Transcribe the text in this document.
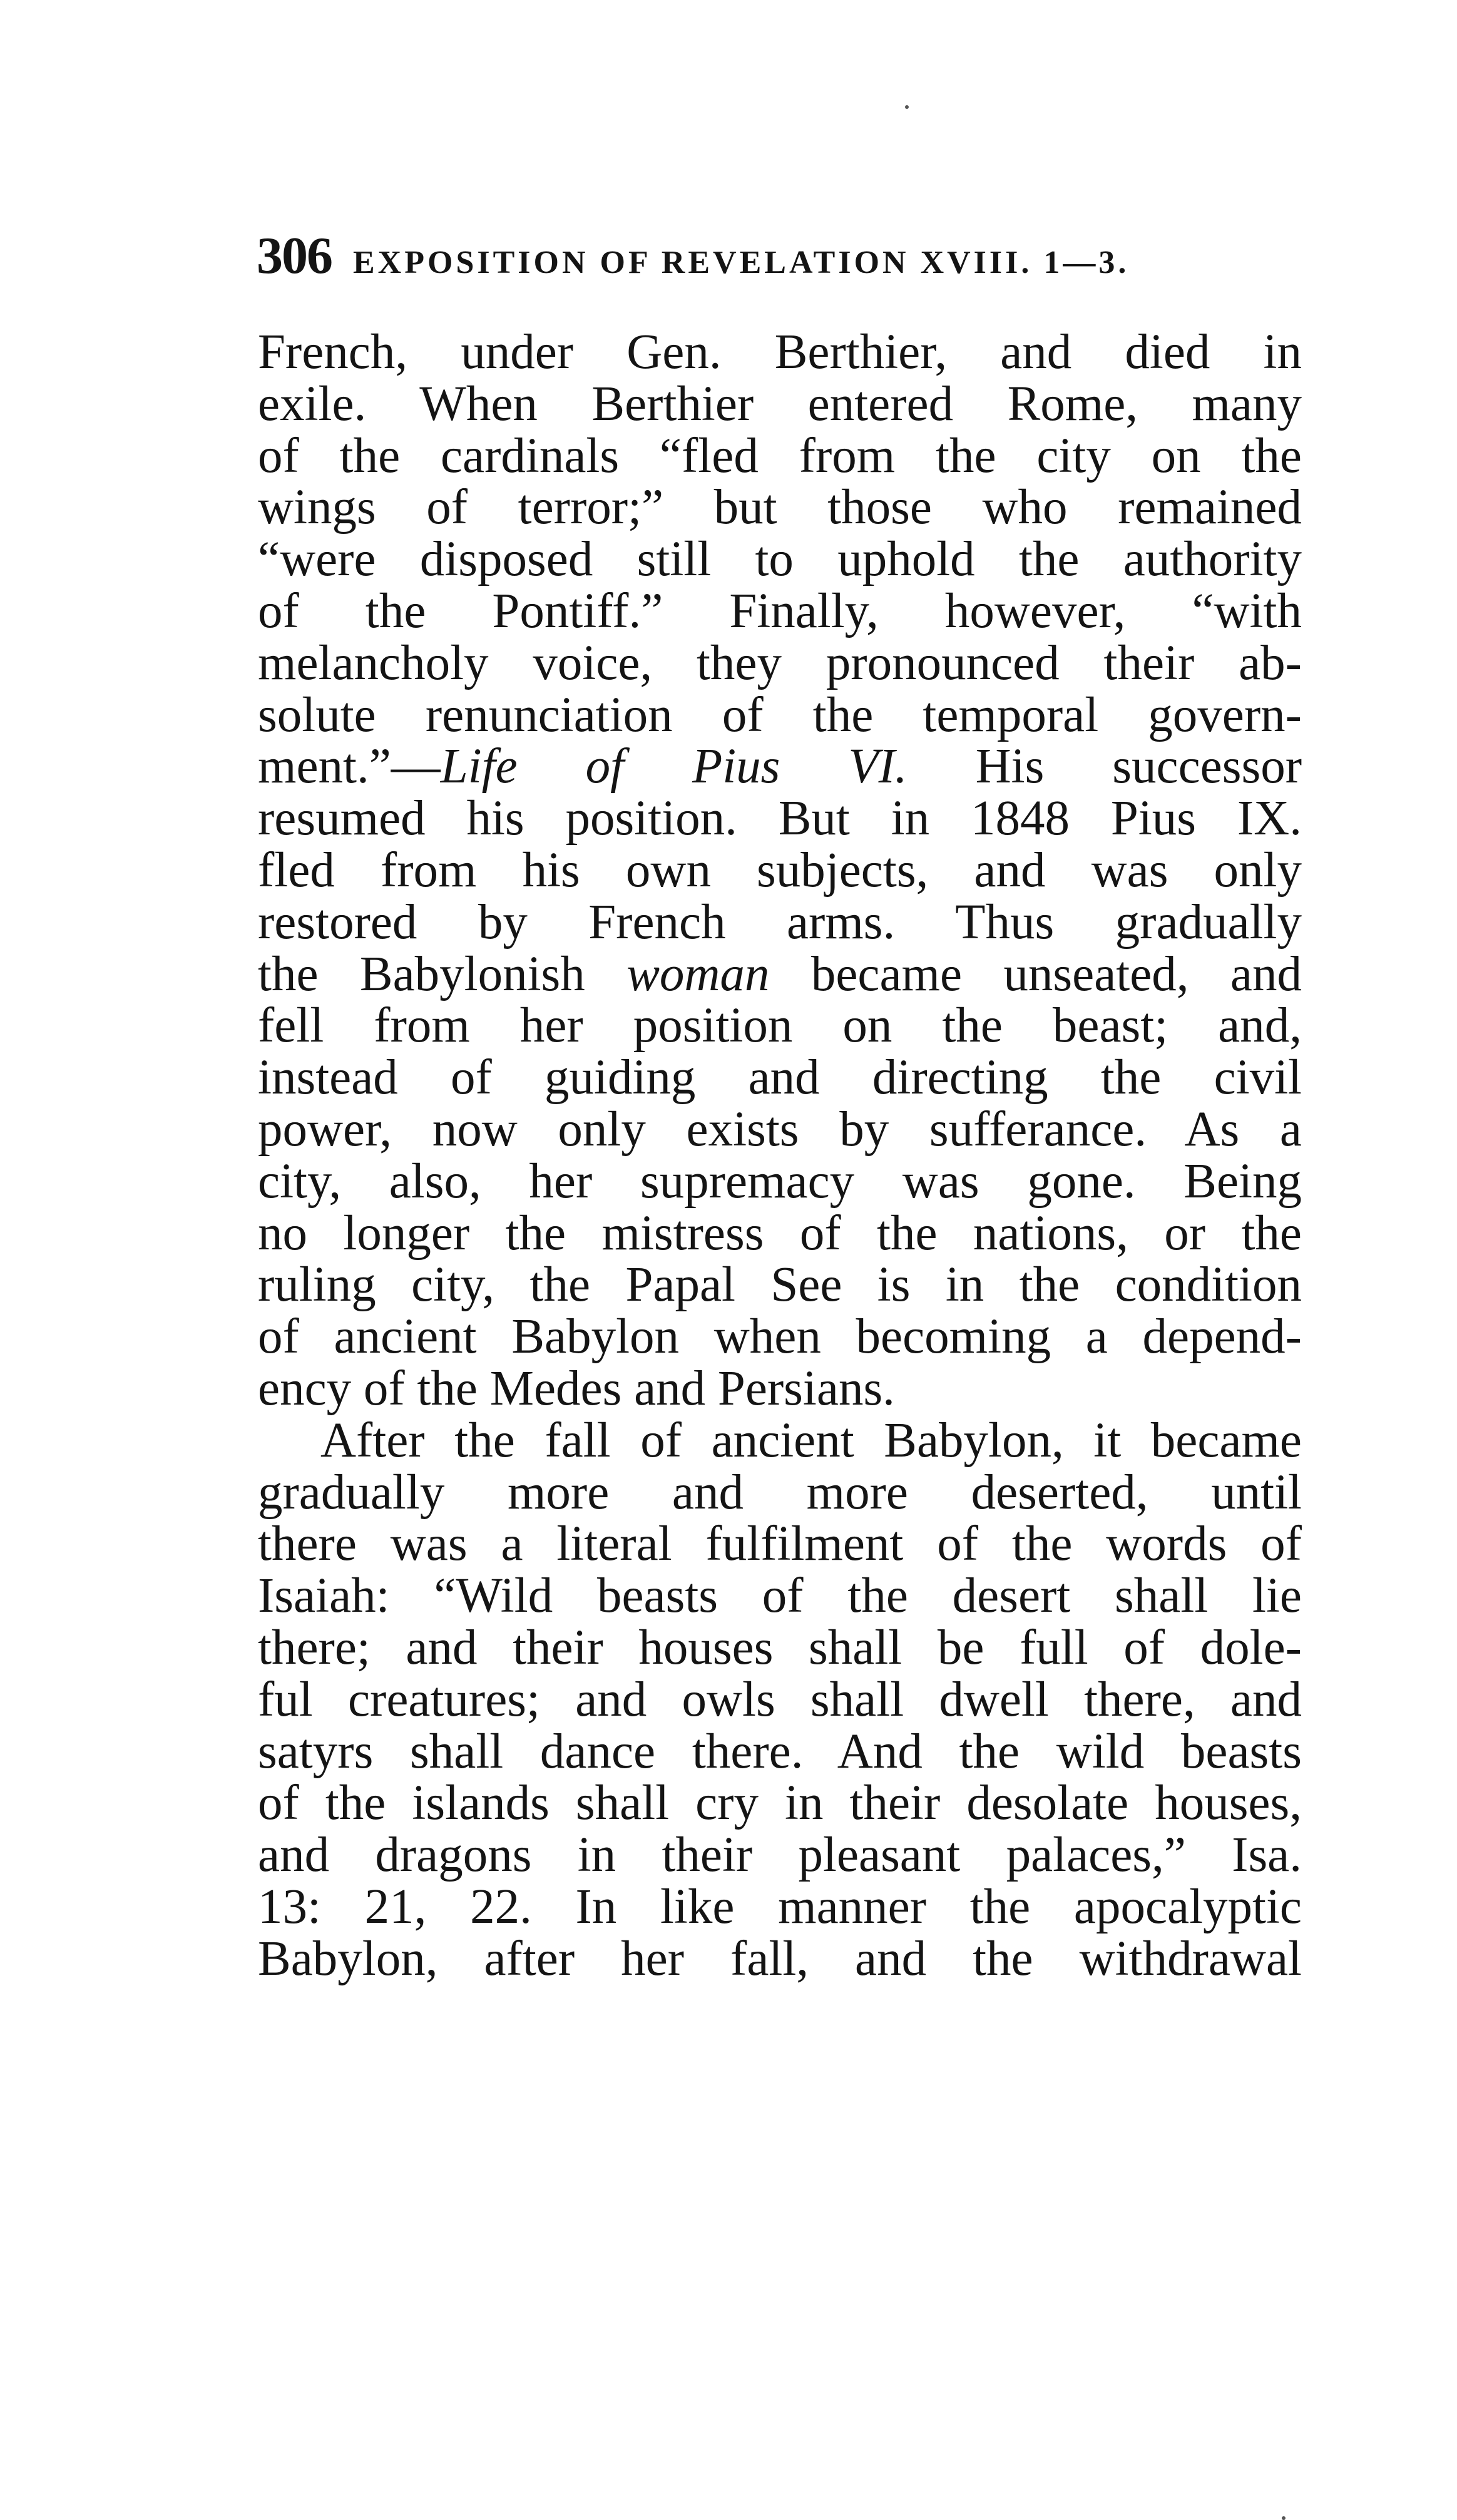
306 EXPOSITION OF REVELATION XVIII. 1—3.
French, under Gen. Berthier, and died in
exile. When Berthier entered Rome, many
of the cardinals “fled from the city on the
wings of terror;” but those who remained
“were disposed still to uphold the authority
of the Pontiff.” Finally, however, “with
melancholy voice, they pronounced their ab-
solute renunciation of the temporal govern-
ment.”—Life of Pius VI. His successor
resumed his position. But in 1848 Pius IX.
fled from his own subjects, and was only
restored by French arms. Thus gradually
the Babylonish woman became unseated, and
fell from her position on the beast; and,
instead of guiding and directing the civil
power, now only exists by sufferance. As a
city, also, her supremacy was gone. Being
no longer the mistress of the nations, or the
ruling city, the Papal See is in the condition
of ancient Babylon when becoming a depend-
ency of the Medes and Persians.
After the fall of ancient Babylon, it became
gradually more and more deserted, until
there was a literal fulfilment of the words of
Isaiah: “Wild beasts of the desert shall lie
there; and their houses shall be full of dole-
ful creatures; and owls shall dwell there, and
satyrs shall dance there. And the wild beasts
of the islands shall cry in their desolate houses,
and dragons in their pleasant palaces,” Isa.
13: 21, 22. In like manner the apocalyptic
Babylon, after her fall, and the withdrawal
